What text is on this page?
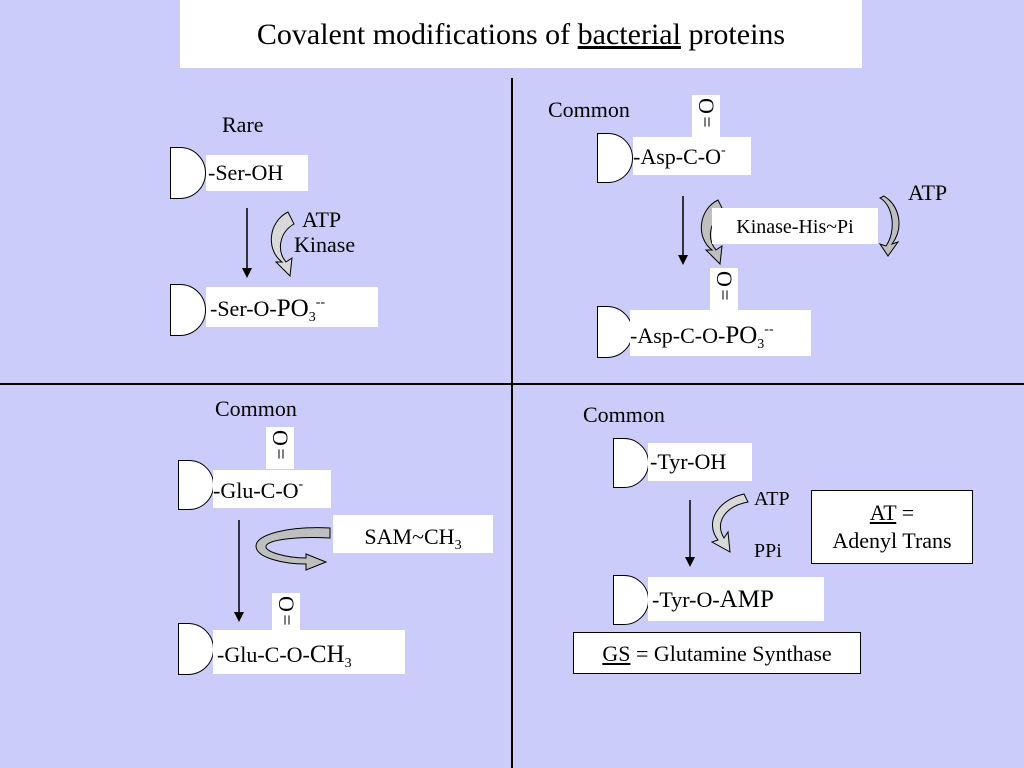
Covalent modifications of bacterial proteins
Rare
-Ser-OH
ATP
Kinase
$-Ser-O-PO_3^{--}$
Common	O
=
-Asp-C-O-
Kinase-His~Pi
ATP
O
=
$-Asp-C-O-PO_3^{--}$
Common
O
=
-Glu-C-O-
$SAM\sim CH_3$
O
=
$-Glu-C-O-CH_3$
Common
-Tyr-OH
ATP
PPi
AT =
Adenyl Trans
-Tyr-O-AMP
GS = Glutamine Synthase
